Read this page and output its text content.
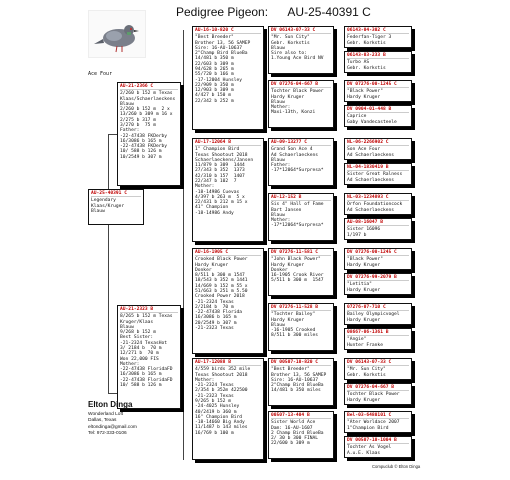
Pedigree Pigeon:      AU-25-40391 C
Ace Four
AU-25-40391 C
Legendary
Klaas/Kruger
Blauw
AU-21-2366 C
2/260 b 152 m Texas
Klaas/Schaerlaeckens
Blauw
2/260 b 152 m  2 x
13/260 b 309 m 16 x
2/275 b 317 m
3/270 b  75 m
Father:
-22-47438 FKDerby
16/3086 b 165 m
-22-47438 FKDerby
10/ 588 b 126 m
10/2549 b 307 m
AU-21-2323 B
8/265 b 152 m Texas
Kruger/Klaas
Blauw
9/268 b 152 m
Best Sister:
-21-2324 TexasHot
3/ 2184 b  70 m
12/271 b  70 m
Won 22,000 FIS
Mother:
-22-47438 FloridaFD
16/3086 b 165 m
-22-47438 FloridaFD
10/ 588 b 126 m
AU-16-10-820 C
"Best Breeder"
Brother 13, 56 SAMEP
Sire: 16-AU-10637
2"Champ Bird BlueBa
14/481 b 350 m
22/603 b 309 m
94/628 b 265 m
55/720 b 166 m
-17-12004 Hunsley
22/909 b 350 m
12/903 b 309 m
4/427 b 150 m
22/342 b 252 m
AU-17-12064 B
1" Champion Bird
Texas Shootout 2018
Schaerlaeckens/Jansen
11/879 b 309  1444
27/343 b 352  1373
42/310 b 157  1407
22/347 b 102  7
Mother:
-18-14986 Cuevas
4/397 b 263 m  5 x
22/431 b 212 m 15 x
41" Champion
-18-14986 Andy
AU-16-1905 C
Crooked Black Power
Hardy Kruger
Donker
8/511 b 300 m 1547
18/543 b 352 m 1441
14/669 b 152 m 55 x
51/663 b 251 m 5.50
Crooked Power 2018
-21-2324 Texas
2/2184 b  70 m
-22-47438 Florida
16/3086 b 165 m
20/2549 b 307 m
-21-2323 Texas
AU-17-12088 B
4/559 birds 352 mile
Texas Shootout 2018
Mother:
-21-2324 Texas
2/354 b 352m 422500
-21-2323 Texas
9/265 b 152 m
-24-4025 Hunsley
40/2419 b 360 m
16" Champion Bird
-18-14660 Big Andy
11/1487 b 143 miles
16/769 b 100 m
DV 06143-07-33 C
"Mr. Sun City"
Gebr. Korkstis
Blauw
Sire also to:
1.Young Ace Bird NV
DV 07276-04-667 B
Tochter Black Power
Hardy Kruger
Blauw
Mother:
Maxi-13th, Konzi
AU-09-13277 C
Grand Son Ace 4
Ad Schaerlaeckens
Blauw
Father:
-17*12064*Surpresa*
AU-12-152 B
Sis 4" Hall of Fame
Bart Jansen
Blauw
Mother:
-17*12064*Surpresa*
DV 07276-11-581 C
"John Black Power"
Hardy Kruger
Donker
16-1905 Crook River
5/511 b 300 m  1547
DV 07276-11-528 B
"Tochter Bailey"
Hardy Kruger
Blauw
-16-1905 Crooked
8/511 b 300 miles
DV 00507-10-820 C
"Best Breeder"
Brother 13, 56 SAMEP
Sire: 16-AU-10637
2"Champ Bird BlueBa
14/481 b 350 miles
00507-13-404 B
Sister World Ace
Dam: 16-AU-1607
2 Champ Bird BlueBa
2/ 30 b 300 FINAL
22/600 b 309 m
06143-04-302 C
Federfan-Tiger 3
Gebr. Korkstis
06143-03-233 B
Turbo AS
Gebr. Korkstis
DV 07276-00-1245 C
"Black Power"
Hardy Kruger
DV 0904-01-448 B
Caprice
Gaby Vandecasteele
NL-06-2266902 C
Son Ace Four
Ad Schaerlaeckens
NL-04-1830419 B
Sister Great Ralness
Ad Schaerlaeckens
NL-03-1234893 C
Orfon Foundationcock
Ad Schaerlaeckens
AU-08-16047 B
Sister 16096
1/197 b
DV 07276-00-1245 C
"Black Power"
Hardy Kruger
DV 07276-99-2079 B
"Letitia"
Hardy Kruger
07276-07-710 C
Bailey Olympicvogel
Hardy Kruger
08667-06-1361 B
"Angie"
Hunter Franke
DV 06143-07-33 C
"Mr. Sun City"
Gebr. Korkstis
DV 07276-04-667 B
Tochter Black Power
Hardy Kruger
Bel-03-6480101 C
"Ater Worldace 2007
1"Champion Bird
DV 00507-10-1004 B
Tochter As Vogel
A.u.E. Klaas
Elton Dinga
Wonderland Loft
Dallas, Texas
eltondinga@gmail.com
Tel: 972-333-0106
Compuclub © Elton Dinga
